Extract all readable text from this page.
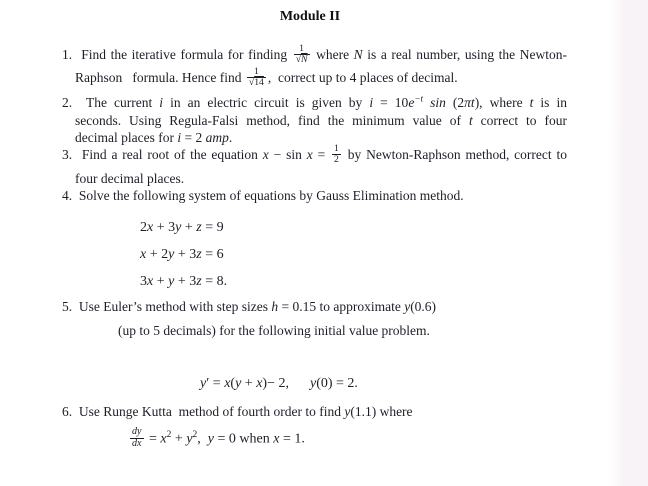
Module II
1.  Find the iterative formula for finding $\frac{1}{√N}$ where N is a real number, using the Newton-
Raphson   formula. Hence find $\frac{1}{√14}$ ,  correct up to 4 places of decimal.
2.  The current i in an electric circuit is given by $i = 10e^{-t}$ sin (2πt), where t is in
seconds. Using Regula-Falsi method, find the minimum value of t correct to four
decimal places for i = 2 amp.
3.  Find a real root of the equation $x - \sin x = \frac{1}{2}$ by Newton-Raphson method, correct to
four decimal places.
4.  Solve the following system of equations by Gauss Elimination method.
2x + 3y + z = 9
x + 2y + 3z = 6
3x + y + 3z = 8.
5.  Use Euler’s method with step sizes h = 0.15 to approximate y(0.6)
(up to 5 decimals) for the following initial value problem.
y′ = x(y + x)− 2,      y(0) = 2.
6.  Use Runge Kutta  method of fourth order to find y(1.1) where
$\frac{dy}{dx} = x^2 + y^2$,  y = 0 when x = 1.
